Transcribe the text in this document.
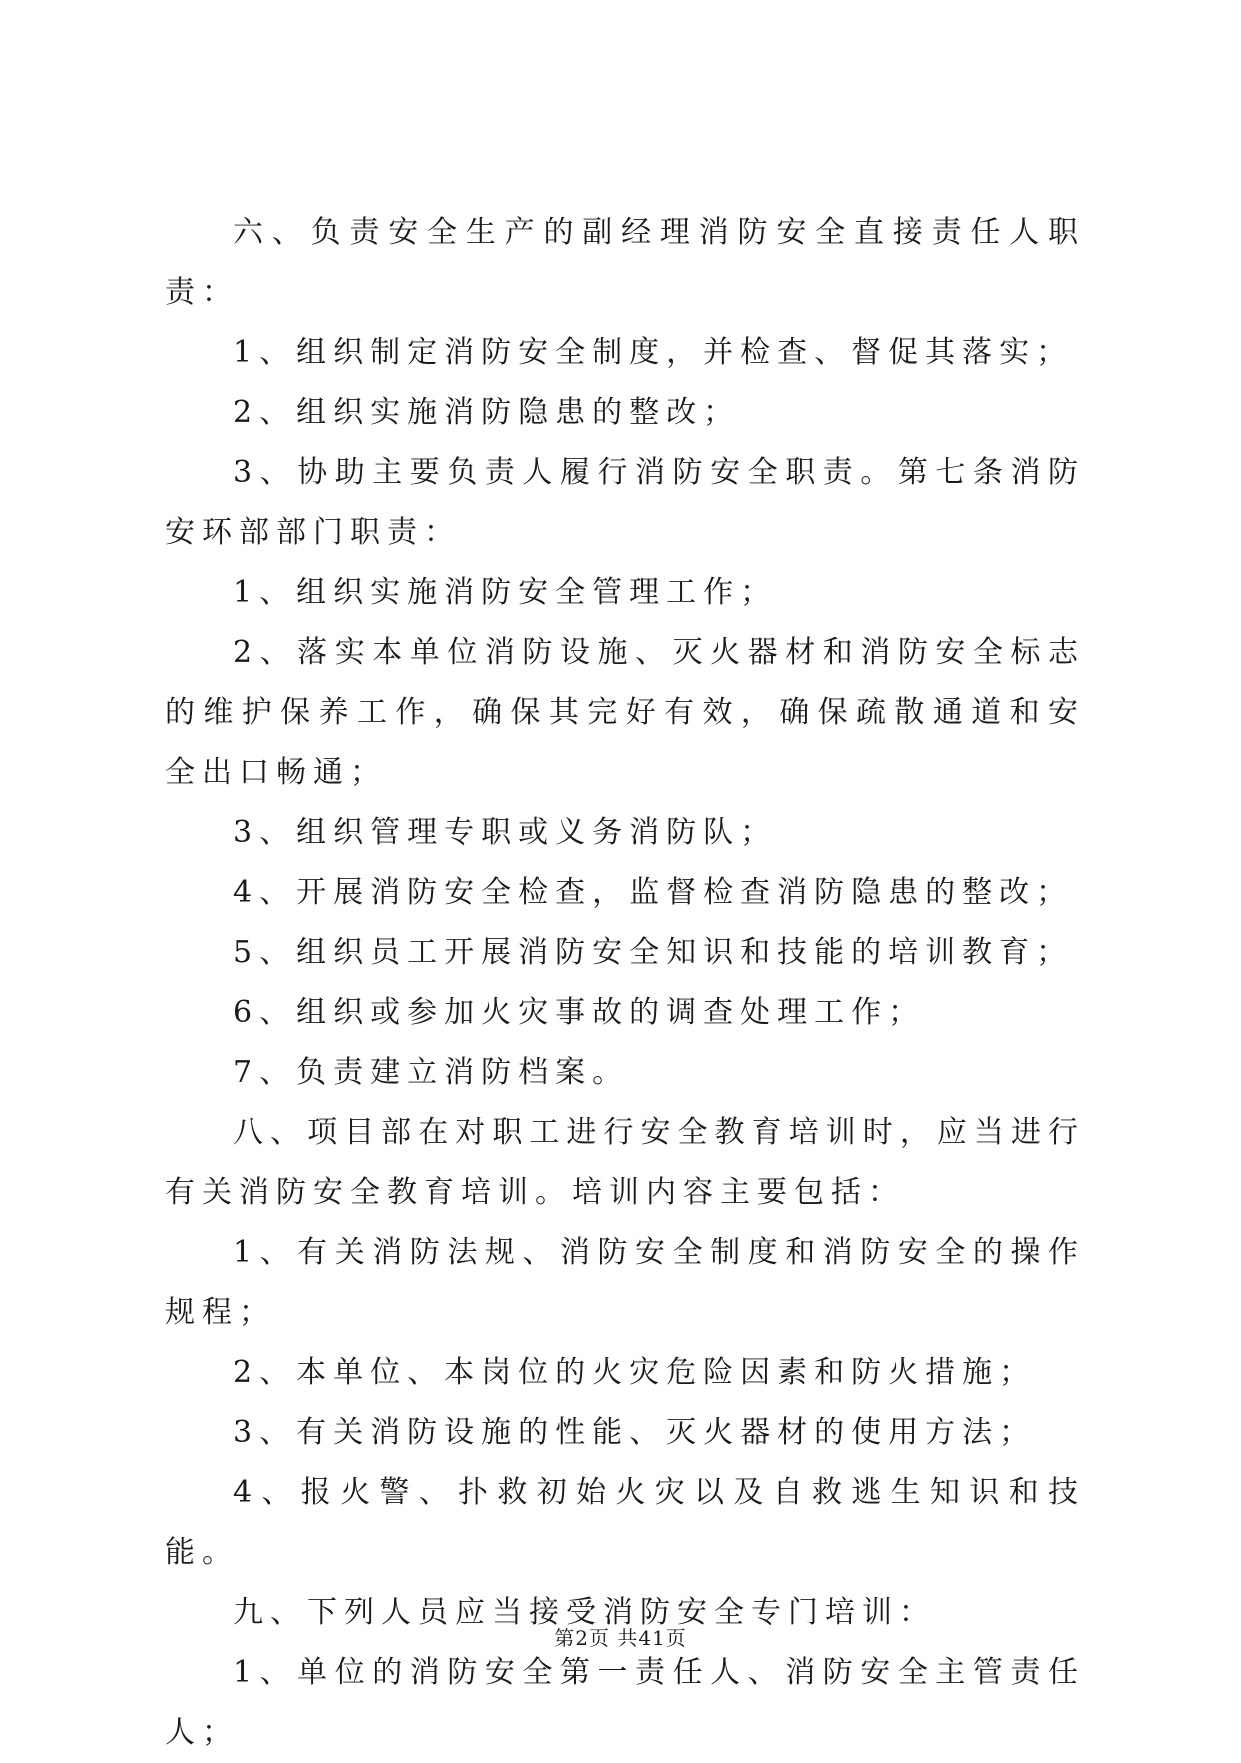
六、负责安全生产的副经理消防安全直接责任人职责：

1、组织制定消防安全制度，并检查、督促其落实；

2、组织实施消防隐患的整改；

3、协助主要负责人履行消防安全职责。第七条消防安环部部门职责：

1、组织实施消防安全管理工作；

2、落实本单位消防设施、灭火器材和消防安全标志的维护保养工作，确保其完好有效，确保疏散通道和安全出口畅通；

3、组织管理专职或义务消防队；

4、开展消防安全检查，监督检查消防隐患的整改；

5、组织员工开展消防安全知识和技能的培训教育；

6、组织或参加火灾事故的调查处理工作；

7、负责建立消防档案。

八、项目部在对职工进行安全教育培训时，应当进行有关消防安全教育培训。培训内容主要包括：

1、有关消防法规、消防安全制度和消防安全的操作规程；

2、本单位、本岗位的火灾危险因素和防火措施；

3、有关消防设施的性能、灭火器材的使用方法；

4、报火警、扑救初始火灾以及自救逃生知识和技能。

九、下列人员应当接受消防安全专门培训：

1、单位的消防安全第一责任人、消防安全主管责任人；

第2页 共41页
